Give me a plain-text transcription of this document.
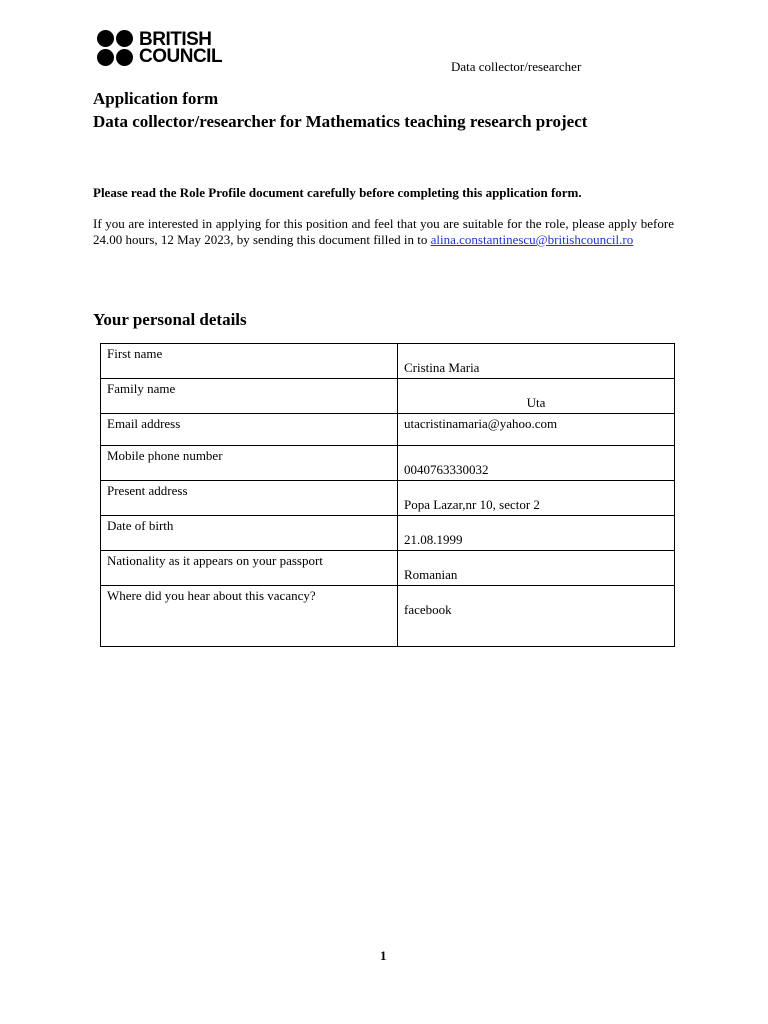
BRITISH
COUNCIL	Data collector/researcher
Application form
Data collector/researcher for Mathematics teaching research project
Please read the Role Profile document carefully before completing this application form.
If you are interested in applying for this position and feel that you are suitable for the role, please apply before 24.00 hours, 12 May 2023, by sending this document filled in to alina.constantinescu@britishcouncil.ro
Your personal details
First name	Cristina Maria

Family name	Uta

Email address	utacristinamaria@yahoo.com

Mobile phone number	0040763330032

Present address	Popa Lazar,nr 10, sector 2

Date of birth	21.08.1999

Nationality as it appears on your passport	Romanian

Where did you hear about this vacancy?	facebook
1
